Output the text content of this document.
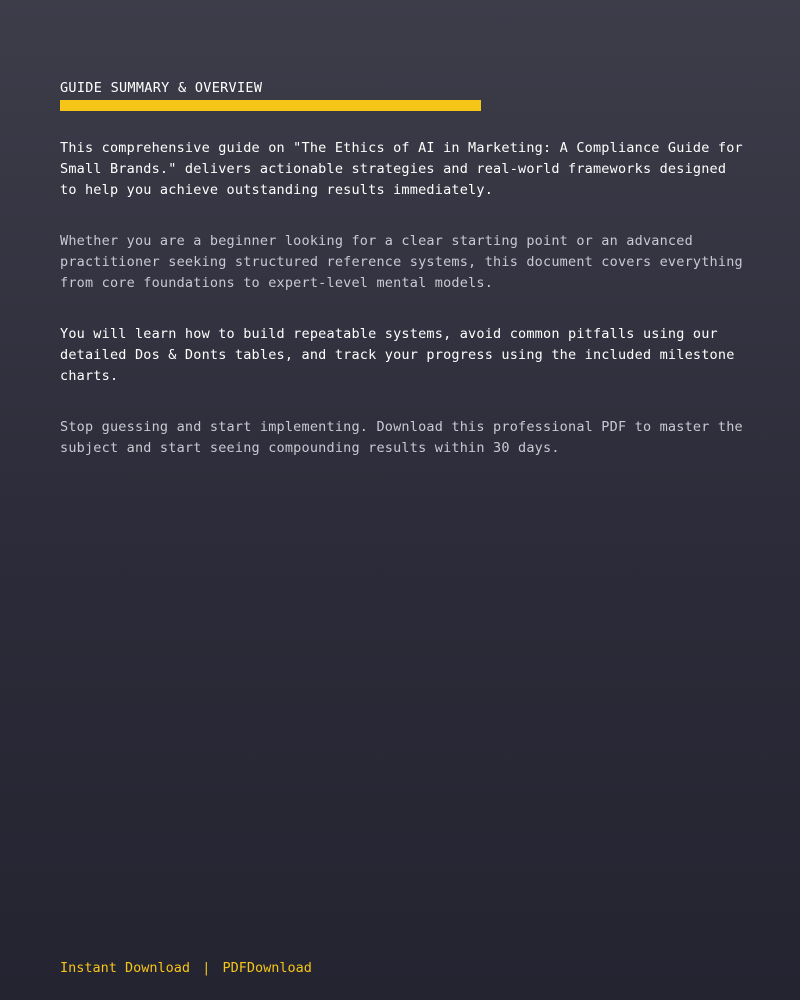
GUIDE SUMMARY & OVERVIEW

This comprehensive guide on "The Ethics of AI in Marketing: A Compliance Guide for Small Brands." delivers actionable strategies and real-world frameworks designed to help you achieve outstanding results immediately.

Whether you are a beginner looking for a clear starting point or an advanced practitioner seeking structured reference systems, this document covers everything from core foundations to expert-level mental models.

You will learn how to build repeatable systems, avoid common pitfalls using our detailed Dos & Donts tables, and track your progress using the included milestone charts.

Stop guessing and start implementing. Download this professional PDF to master the subject and start seeing compounding results within 30 days.

Instant Download | PDFDownload
